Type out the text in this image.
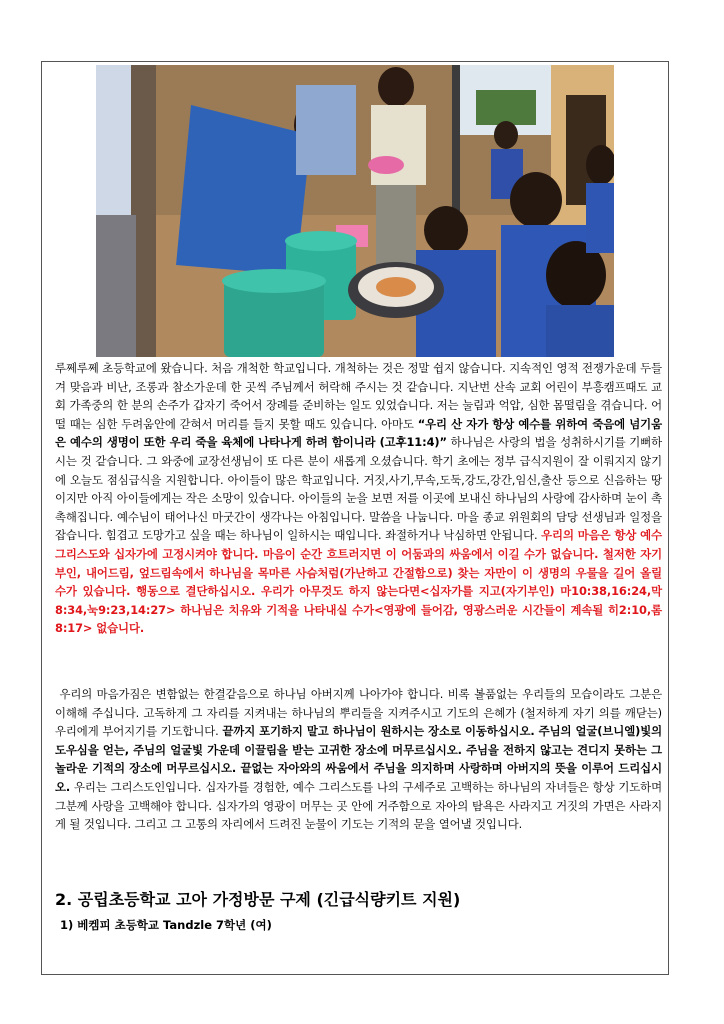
루쩨루쩨 초등학교에 왔습니다. 처음 개척한 학교입니다. 개척하는 것은 정말 쉽지 않습니다. 지속적인 영적 전쟁가운데 두들겨 맞음과 비난, 조롱과 참소가운데 한 곳씩 주님께서 허락해 주시는 것 같습니다. 지난번 산속 교회 어린이 부흥캠프때도 교회 가족중의 한 분의 손주가 갑자기 죽어서 장례를 준비하는 일도 있었습니다. 저는 눌림과 억압, 심한 몸떨림을 겪습니다. 어떨 때는 심한 두려움안에 갇혀서 머리를 들지 못할 때도 있습니다. 아마도 “우리 산 자가 항상 예수를 위하여 죽음에 넘기움은 예수의 생명이 또한 우리 죽을 육체에 나타나게 하려 함이니라 (고후11:4)” 하나님은 사랑의 법을 성취하시기를 기뻐하시는 것 같습니다. 그 와중에 교장선생님이 또 다른 분이 새롭게 오셨습니다. 학기 초에는 정부 급식지원이 잘 이뤄지지 않기에 오늘도 점심급식을 지원합니다. 아이들이 많은 학교입니다. 거짓,사기,무속,도둑,강도,강간,임신,출산 등으로 신음하는 땅이지만 아직 아이들에게는 작은 소망이 있습니다. 아이들의 눈을 보면 저를 이곳에 보내신 하나님의 사랑에 감사하며 눈이 촉촉해집니다. 예수님이 태어나신 마굿간이 생각나는 아침입니다. 말씀을 나눕니다. 마을 종교 위원회의 담당 선생님과 일정을 잡습니다. 힘겹고 도망가고 싶을 때는 하나님이 일하시는 때입니다. 좌절하거나 낙심하면 안됩니다. 우리의 마음은 항상 예수 그리스도와 십자가에 고정시켜야 합니다. 마음이 순간 흐트러지면 이 어둠과의 싸움에서 이길 수가 없습니다. 철저한 자기부인, 내어드림, 엎드림속에서 하나님을 목마른 사슴처럼(가난하고 간절함으로) 찾는 자만이 이 생명의 우물을 길어 올릴 수가 있습니다. 행동으로 결단하십시오. 우리가 아무것도 하지 않는다면<십자가를 지고(자기부인) 마10:38,16:24,막8:34,눅9:23,14:27> 하나님은 치유와 기적을 나타내실 수가<영광에 들어감, 영광스러운 시간들이 계속될 히2:10,롬8:17> 없습니다.
우리의 마음가짐은 변함없는 한결같음으로 하나님 아버지께 나아가야 합니다. 비록 볼품없는 우리들의 모습이라도 그분은 이해해 주십니다. 고독하게 그 자리를 지켜내는 하나님의 뿌리들을 지켜주시고 기도의 은혜가 (철저하게 자기 의를 깨닫는) 우리에게 부어지기를 기도합니다. 끝까지 포기하지 말고 하나님이 원하시는 장소로 이동하십시오. 주님의 얼굴(브니엘)빛의 도우심을 얻는, 주님의 얼굴빛 가운데 이끌림을 받는 고귀한 장소에 머무르십시오. 주님을 전하지 않고는 견디지 못하는 그 놀라운 기적의 장소에 머무르십시오. 끝없는 자아와의 싸움에서 주님을 의지하며 사랑하며 아버지의 뜻을 이루어 드리십시오. 우리는 그리스도인입니다. 십자가를 경험한, 예수 그리스도를 나의 구세주로 고백하는 하나님의 자녀들은 항상 기도하며 그분께 사랑을 고백해야 합니다. 십자가의 영광이 머무는 곳 안에 거주함으로 자아의 탐욕은 사라지고 거짓의 가면은 사라지게 될 것입니다. 그리고 그 고통의 자리에서 드려진 눈물이 기도는 기적의 문을 열어낼 것입니다.
2. 공립초등학교 고아 가정방문 구제 (긴급식량키트 지원)
1) 베켐피 초등학교 Tandzle 7학년 (여)
